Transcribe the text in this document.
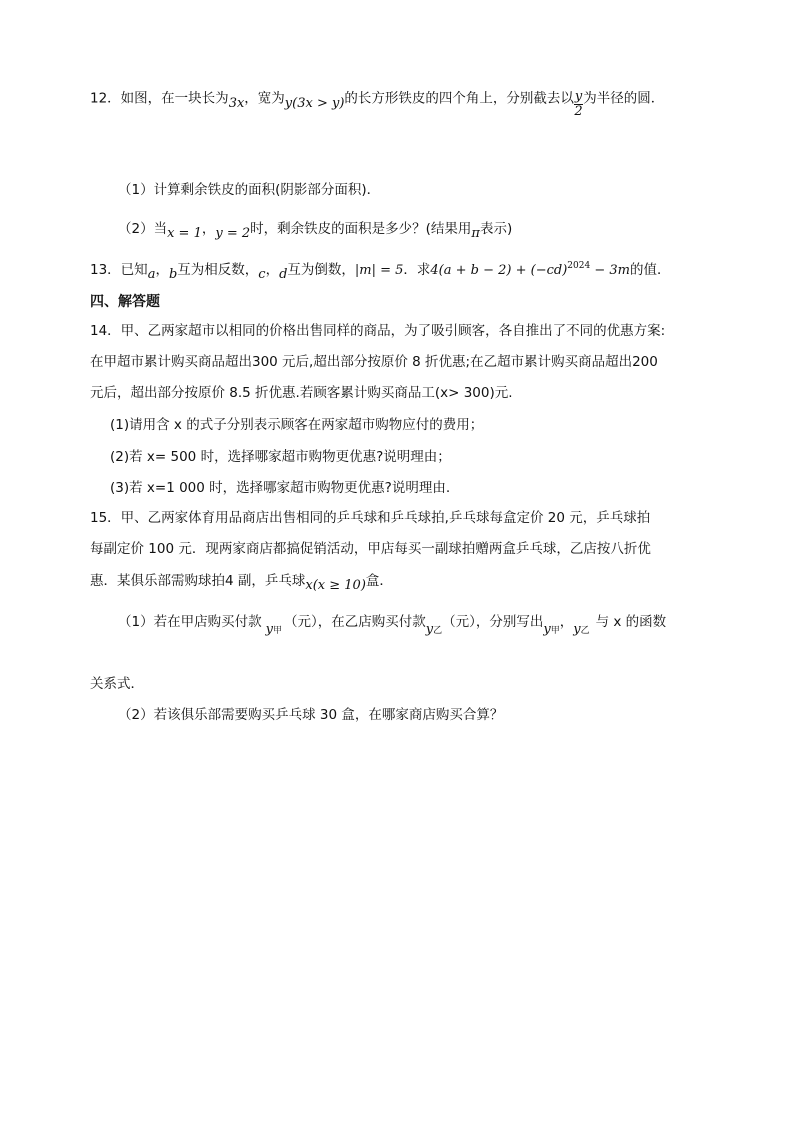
12．如图，在一块长为3x，宽为y(3x > y)的长方形铁皮的四个角上，分别截去以 $\frac{y}{2}$ 为半径的圆．
（1）计算剩余铁皮的面积(阴影部分面积)．
（2）当x = 1，y = 2时，剩余铁皮的面积是多少？(结果用π表示)
13．已知a，b互为相反数，c，d互为倒数，|m| = 5．求$4(a + b - 2) + (-cd)^{2024} - 3m$的值．
四、解答题
14．甲、乙两家超市以相同的价格出售同样的商品，为了吸引顾客，各自推出了不同的优惠方案:
在甲超市累计购买商品超出300 元后,超出部分按原价 8 折优惠;在乙超市累计购买商品超出200
元后，超出部分按原价 8.5 折优惠.若顾客累计购买商品工(x> 300)元.
(1)请用含 x 的式子分别表示顾客在两家超市购物应付的费用；
(2)若 x= 500 时，选择哪家超市购物更优惠?说明理由；
(3)若 x=1 000 时，选择哪家超市购物更优惠?说明理由.
15．甲、乙两家体育用品商店出售相同的乒乓球和乒乓球拍,乒乓球每盒定价 20 元，乒乓球拍
每副定价 100 元．现两家商店都搞促销活动，甲店每买一副球拍赠两盒乒乓球，乙店按八折优
惠．某俱乐部需购球拍4 副，乒乓球x(x ≥ 10)盒．
（1）若在甲店购买付款 y甲（元），在乙店购买付款y乙（元），分别写出y甲，y乙与 x 的函数
关系式．
（2）若该俱乐部需要购买乒乓球 30 盒，在哪家商店购买合算？
